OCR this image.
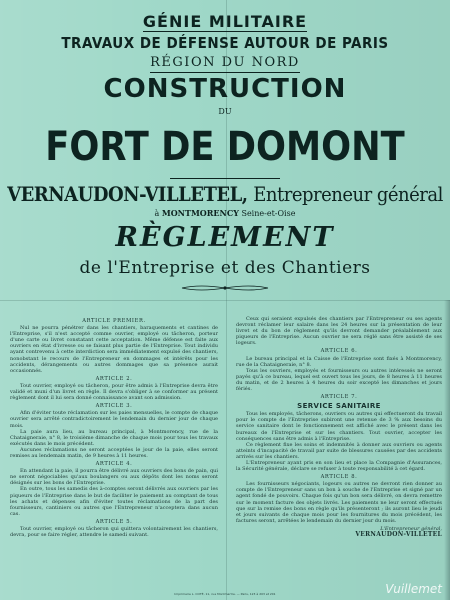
GÉNIE MILITAIRE
TRAVAUX DE DÉFENSE AUTOUR DE PARIS
RÉGION DU NORD
CONSTRUCTION
DU
FORT DE DOMONT
VERNAUDON-VILLETEL, Entrepreneur général
à MONTMORENCY Seine-et-Oise
RÈGLEMENT
de l'Entreprise et des Chantiers
ARTICLE PREMIER.
Nul ne pourra pénétrer dans les chantiers, baraquements et cantines de l'Entreprise, s'il n'est accepté comme ouvrier, employé ou tâcheron, porteur d'une carte ou livret constatant cette acceptation. Même défense est faite aux ouvriers en état d'ivresse ou se faisant plus partie de l'Entreprise. Tout individu ayant contrevenu à cette interdiction sera immédiatement expulsé des chantiers, nonobstant le recours de l'Entrepreneur en dommages et intérêts pour les accidents, dérangements ou autres dommages que sa présence aurait occasionnés.
ARTICLE 2.
Tout ouvrier, employé ou tâcheron, pour être admis à l'Entreprise devra être validé et muni d'un livret en règle. Il devra s'obliger à se conformer au présent règlement dont il lui sera donné connaissance avant son admission.
ARTICLE 3.
Afin d'éviter toute réclamation sur les paies mensuelles, le compte de chaque ouvrier sera arrêté contradictoirement le lendemain du dernier jour de chaque mois.
La paie aura lieu, au bureau principal, à Montmorency, rue de la Chataigneraie, n° 8, le troisième dimanche de chaque mois pour tous les travaux exécutés dans le mois précédent.
Aucunes réclamations ne seront acceptées le jour de la paie, elles seront remises au lendemain matin, de 9 heures à 11 heures.
ARTICLE 4.
En attendant la paie, il pourra être délivré aux ouvriers des bons de pain, qui ne seront négociables qu'aux boulangers ou aux dépôts dont les noms seront désignés sur les bons de l'Entreprise.
En outre, tous les samedis des à-comptes seront délivrés aux ouvriers par les piqueurs de l'Entreprise dans le but de faciliter le paiement au comptant de tous les achats et dépenses afin d'éviter toutes réclamations de la part des fournisseurs, cantiniers ou autres que l'Entrepreneur n'acceptera dans aucun cas.
ARTICLE 5.
Tout ouvrier, employé ou tâcheron qui quittera volontairement les chantiers, devra, pour se faire régler, attendre le samedi suivant.
Ceux qui seraient expulsés des chantiers par l'Entrepreneur ou ses agents devront réclamer leur salaire dans les 24 heures sur la présentation de leur livret et du bon de règlement qu'ils devront demander préalablement aux piqueurs de l'Entreprise. Aucun ouvrier ne sera réglé sans être assisté de ses logeurs.
ARTICLE 6.
Le bureau principal et la Caisse de l'Entreprise sont fixés à Montmorency, rue de la Chataigneraie, n° 8.
Tous les ouvriers, employés et fournisseurs ou autres intéressés ne seront payés qu'à ce bureau, lequel est ouvert tous les jours, de 8 heures à 11 heures du matin, et de 2 heures à 4 heures du soir excepté les dimanches et jours fériés.
ARTICLE 7.
SERVICE SANITAIRE
Tous les employés, tâcherons, ouvriers ou autres qui effectueront du travail pour le compte de l'Entreprise subiront une retenue de 3 % aux besoins du service sanitaire dont le fonctionnement est affiché avec le présent dans les bureaux de l'Entreprise et sur les chantiers. Tout ouvrier, accepter les conséquences sans être admis à l'Entreprise.
Ce règlement fixe les soins et indemnités à donner aux ouvriers ou agents atteints d'incapacité de travail par suite de blessures causées par des accidents arrivés sur les chantiers.
L'Entrepreneur ayant pris en son lieu et place la Compagnie d'Assurances, la Sécurité générale, déclare se refuser à toute responsabilité à cet égard.
ARTICLE 8.
Les fournisseurs négociants, logeurs ou autres ne devront rien donner au compte de l'Entrepreneur sans un bon à souche de l'Entreprise et signé par un agent fondé de pouvoirs. Chaque fois qu'un bon sera délivré, on devra remettre sur le moment facture des objets livrés. Les paiements ne leur seront effectués que sur la remise des bons en règle qu'ils présenteront ; ils auront lieu le jeudi et jours suivants de chaque mois pour les fournitures du mois précédent, les factures seront, arrêtées le lendemain du dernier jour du mois.
L'Entrepreneur général,
VERNAUDON-VILLETEL
Imprimerie L. COTÉ, 11, rue Montmartre. — Paris, 123 à 203 et 201	Vuillemet
